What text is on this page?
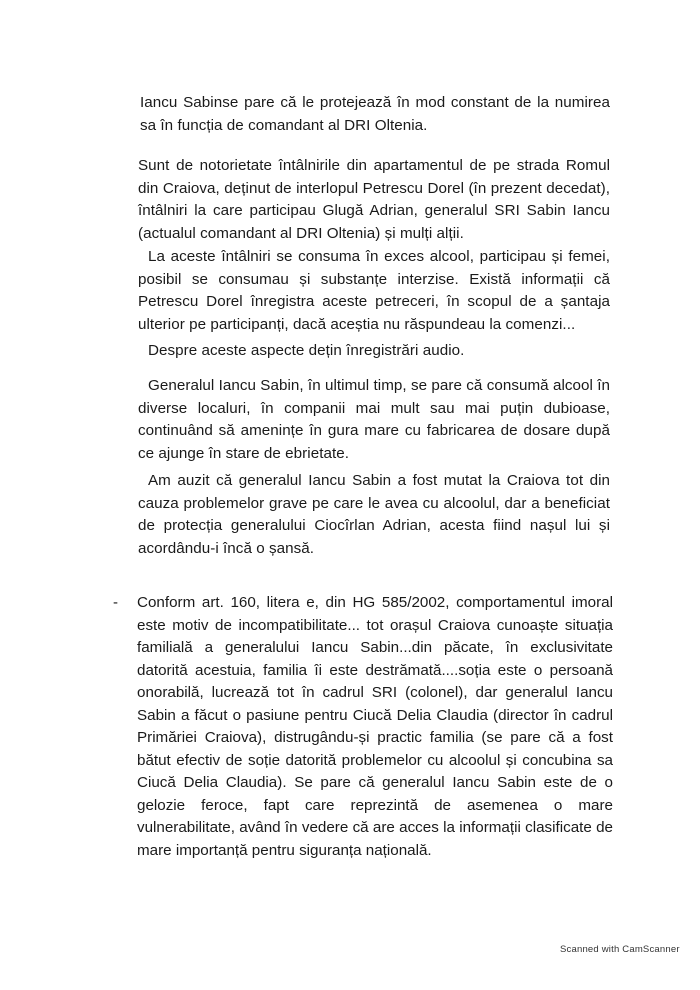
Iancu Sabinse pare că le protejează în mod constant de la numirea sa în funcția de comandant al DRI Oltenia.

Sunt de notorietate întâlnirile din apartamentul de pe strada Romul din Craiova, deținut de interlopul Petrescu Dorel (în prezent decedat), întâlniri la care participau Glugă Adrian, generalul SRI Sabin Iancu (actualul comandant al DRI Oltenia) și mulți alții.

La aceste întâlniri se consuma în exces alcool, participau și femei, posibil se consumau și substanțe interzise. Există informații că Petrescu Dorel înregistra aceste petreceri, în scopul de a șantaja ulterior pe participanți, dacă aceștia nu răspundeau la comenzi...

Despre aceste aspecte dețin înregistrări audio.

Generalul Iancu Sabin, în ultimul timp, se pare că consumă alcool în diverse localuri, în companii mai mult sau mai puțin dubioase, continuând să amenințe în gura mare cu fabricarea de dosare după ce ajunge în stare de ebrietate.

Am auzit că generalul Iancu Sabin a fost mutat la Craiova tot din cauza problemelor grave pe care le avea cu alcoolul, dar a beneficiat de protecția generalului Ciocîrlan Adrian, acesta fiind nașul lui și acordându-i încă o șansă.

- Conform art. 160, litera e, din HG 585/2002, comportamentul imoral este motiv de incompatibilitate... tot orașul Craiova cunoaște situația familială a generalului Iancu Sabin...din păcate, în exclusivitate datorită acestuia, familia îi este destrămată....soția este o persoană onorabilă, lucrează tot în cadrul SRI (colonel), dar generalul Iancu Sabin a făcut o pasiune pentru Ciucă Delia Claudia (director în cadrul Primăriei Craiova), distrugându-și practic familia (se pare că a fost bătut efectiv de soție datorită problemelor cu alcoolul și concubina sa Ciucă Delia Claudia). Se pare că generalul Iancu Sabin este de o gelozie feroce, fapt care reprezintă de asemenea o mare vulnerabilitate, având în vedere că are acces la informații clasificate de mare importanță pentru siguranța națională.

Scanned with CamScanner
